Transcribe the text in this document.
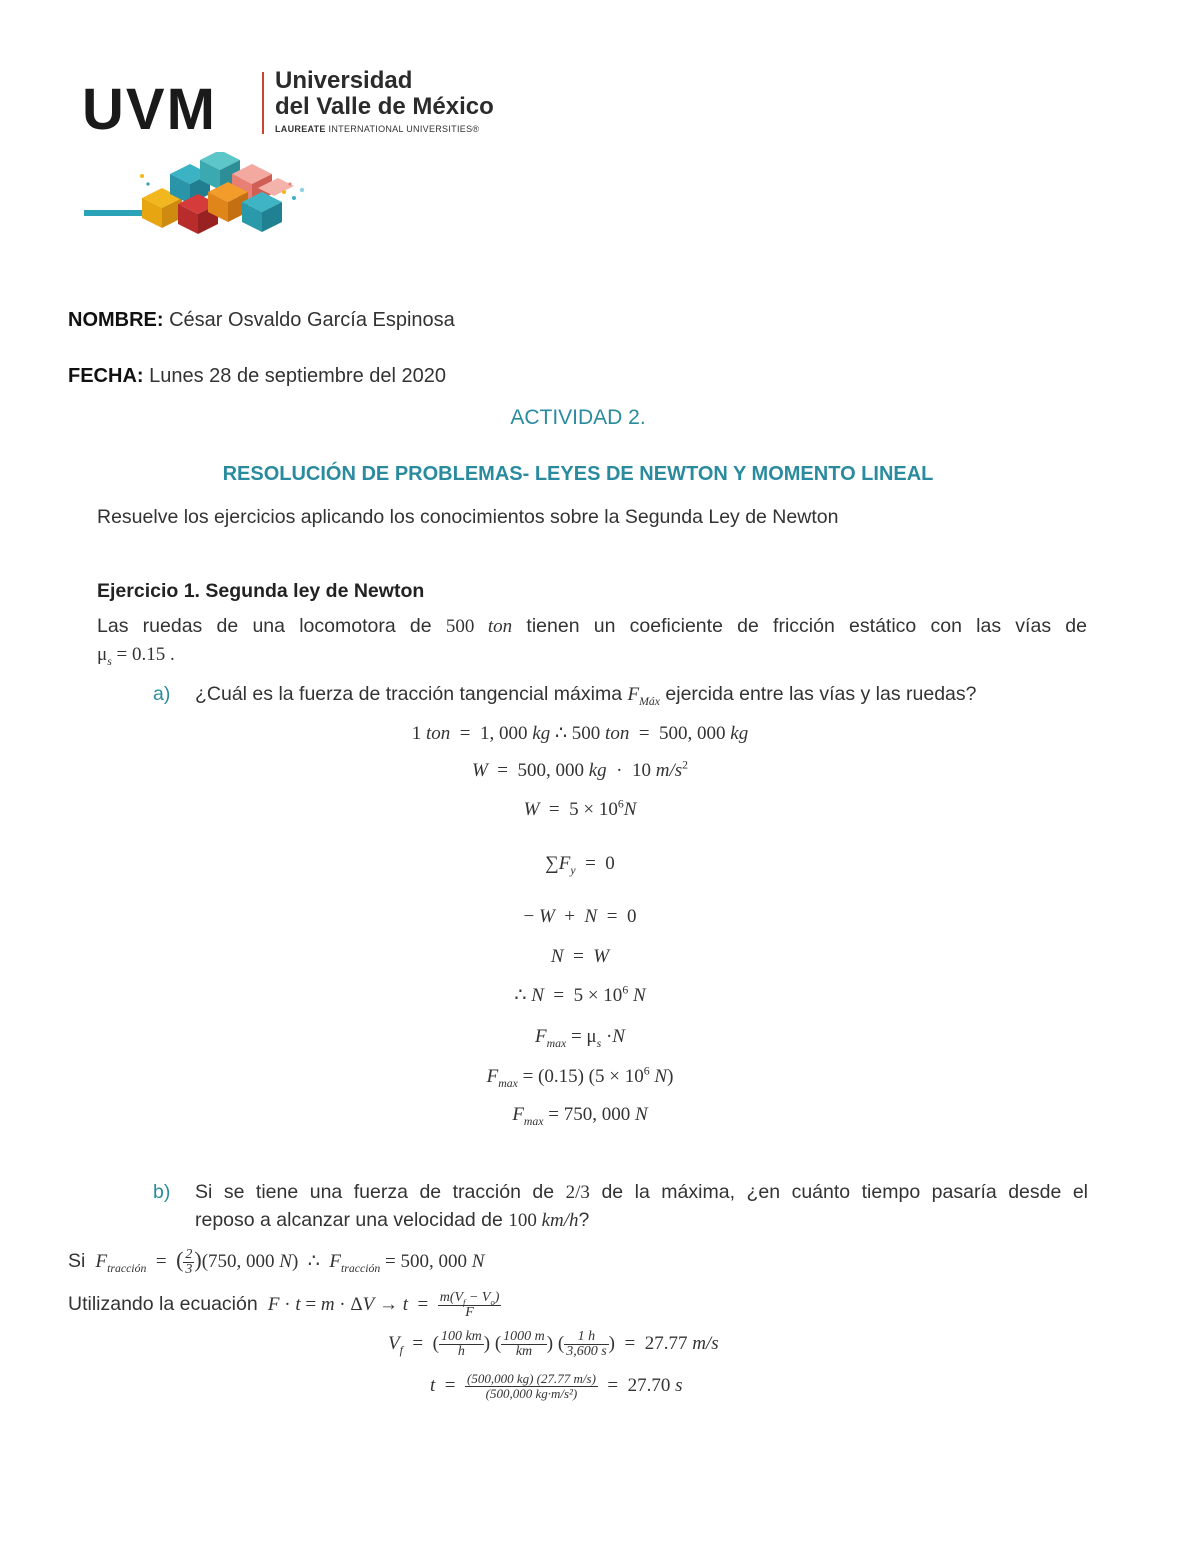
UVM Universidad
del Valle de México
LAUREATE INTERNATIONAL UNIVERSITIES®
NOMBRE: César Osvaldo García Espinosa
FECHA: Lunes 28 de septiembre del 2020
ACTIVIDAD 2.
RESOLUCIÓN DE PROBLEMAS- LEYES DE NEWTON Y MOMENTO LINEAL
Resuelve los ejercicios aplicando los conocimientos sobre la Segunda Ley de Newton
Ejercicio 1. Segunda ley de Newton
Las ruedas de una locomotora de 500 ton tienen un coeficiente de fricción estático con las vías de
$\mu_s = 0.15$ .
a) ¿Cuál es la fuerza de tracción tangencial máxima $F_{Máx}$ ejercida entre las vías y las ruedas?
1 ton  =  1, 000 kg ∴ 500 ton  =  500, 000 kg
W  =  500, 000 kg  ·  10 $m/s^2$
$W = 5 \times 10^6N$
$\sum F_y = 0$
− W  +  N  =  0
N  =  W
∴ $N = 5 \times 10^6$ N
$F_{max} = \mu_s \cdot N$
$F_{max} = (0.15) (5 \times 10^6$ N)
$F_{max} = 750$, 000 N
b) Si se tiene una fuerza de tracción de 2/3 de la máxima, ¿en cuánto tiempo pasaría desde el
reposo a alcanzar una velocidad de 100 km/h?
Si $F_{tracción}$  =  ( $\frac{2}{3} )(750$, 000 N)  ∴  $F_{tracción} = 500$, 000 N
Utilizando la ecuación $F \cdot t = m \cdot \Delta V \to t = \frac{m(V_f - V_o)}{F}$
$V_f$  =  ( $\frac{100 km}{h}$ ) ( $\frac{1000 m}{km}$ ) ( $\frac{1 h}{3,600 s}$ )  =  27.77 m/s
$t = \frac{(500,000 kg) (27.77 m/s)}{\text{(500,000 kg·m/s²)}} = 27.70$ s
